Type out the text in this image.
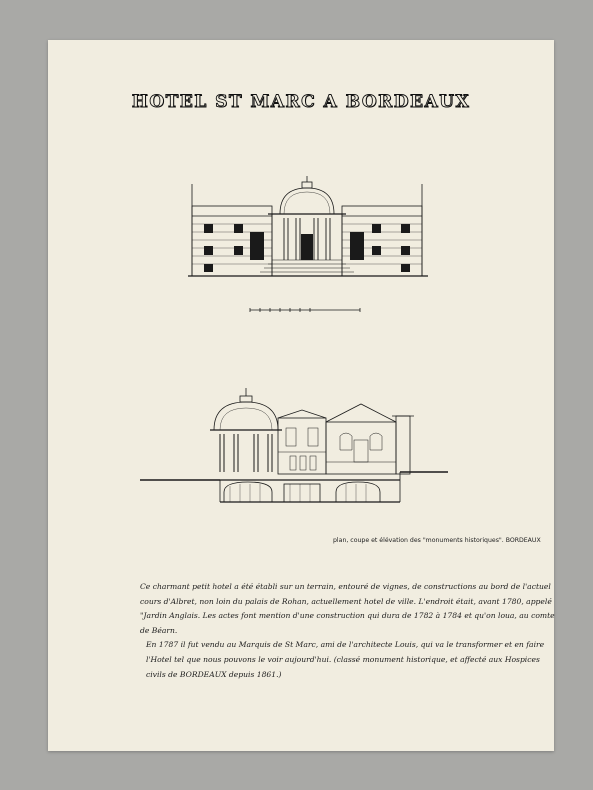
HOTEL ST MARC A BORDEAUX
plan, coupe et élévation des "monuments historiques". BORDEAUX

Ce charmant petit hotel a été établi sur un terrain, entouré de vignes, de constructions au bord de l'actuel cours d'Albret, non loin du palais de Rohan, actuellement hotel de ville. L'endroit était, avant 1780, appelé "Jardin Anglais. Les actes font mention d'une construction qui dura de 1782 à 1784 et qu'on loua, au comte de Béarn.

En 1787 il fut vendu au Marquis de St Marc, ami de l'architecte Louis, qui va le transformer et en faire l'Hotel tel que nous pouvons le voir aujourd'hui. (classé monument historique, et affecté aux Hospices civils de BORDEAUX depuis 1861.)
